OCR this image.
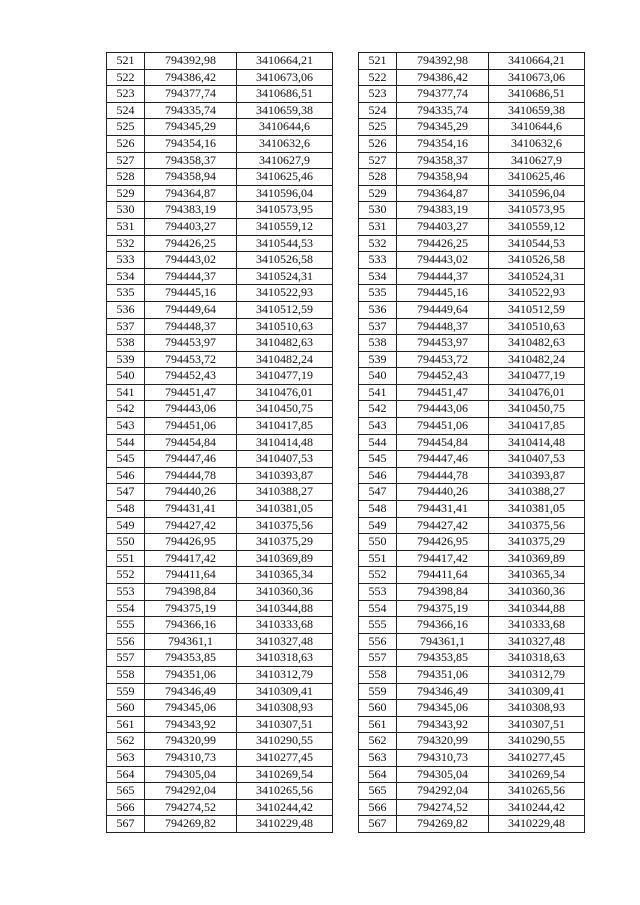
521	794392,98	3410664,21
522	794386,42	3410673,06
523	794377,74	3410686,51
524	794335,74	3410659,38
525	794345,29	3410644,6
526	794354,16	3410632,6
527	794358,37	3410627,9
528	794358,94	3410625,46
529	794364,87	3410596,04
530	794383,19	3410573,95
531	794403,27	3410559,12
532	794426,25	3410544,53
533	794443,02	3410526,58
534	794444,37	3410524,31
535	794445,16	3410522,93
536	794449,64	3410512,59
537	794448,37	3410510,63
538	794453,97	3410482,63
539	794453,72	3410482,24
540	794452,43	3410477,19
541	794451,47	3410476,01
542	794443,06	3410450,75
543	794451,06	3410417,85
544	794454,84	3410414,48
545	794447,46	3410407,53
546	794444,78	3410393,87
547	794440,26	3410388,27
548	794431,41	3410381,05
549	794427,42	3410375,56
550	794426,95	3410375,29
551	794417,42	3410369,89
552	794411,64	3410365,34
553	794398,84	3410360,36
554	794375,19	3410344,88
555	794366,16	3410333,68
556	794361,1	3410327,48
557	794353,85	3410318,63
558	794351,06	3410312,79
559	794346,49	3410309,41
560	794345,06	3410308,93
561	794343,92	3410307,51
562	794320,99	3410290,55
563	794310,73	3410277,45
564	794305,04	3410269,54
565	794292,04	3410265,56
566	794274,52	3410244,42
567	794269,82	3410229,48
521	794392,98	3410664,21
522	794386,42	3410673,06
523	794377,74	3410686,51
524	794335,74	3410659,38
525	794345,29	3410644,6
526	794354,16	3410632,6
527	794358,37	3410627,9
528	794358,94	3410625,46
529	794364,87	3410596,04
530	794383,19	3410573,95
531	794403,27	3410559,12
532	794426,25	3410544,53
533	794443,02	3410526,58
534	794444,37	3410524,31
535	794445,16	3410522,93
536	794449,64	3410512,59
537	794448,37	3410510,63
538	794453,97	3410482,63
539	794453,72	3410482,24
540	794452,43	3410477,19
541	794451,47	3410476,01
542	794443,06	3410450,75
543	794451,06	3410417,85
544	794454,84	3410414,48
545	794447,46	3410407,53
546	794444,78	3410393,87
547	794440,26	3410388,27
548	794431,41	3410381,05
549	794427,42	3410375,56
550	794426,95	3410375,29
551	794417,42	3410369,89
552	794411,64	3410365,34
553	794398,84	3410360,36
554	794375,19	3410344,88
555	794366,16	3410333,68
556	794361,1	3410327,48
557	794353,85	3410318,63
558	794351,06	3410312,79
559	794346,49	3410309,41
560	794345,06	3410308,93
561	794343,92	3410307,51
562	794320,99	3410290,55
563	794310,73	3410277,45
564	794305,04	3410269,54
565	794292,04	3410265,56
566	794274,52	3410244,42
567	794269,82	3410229,48
